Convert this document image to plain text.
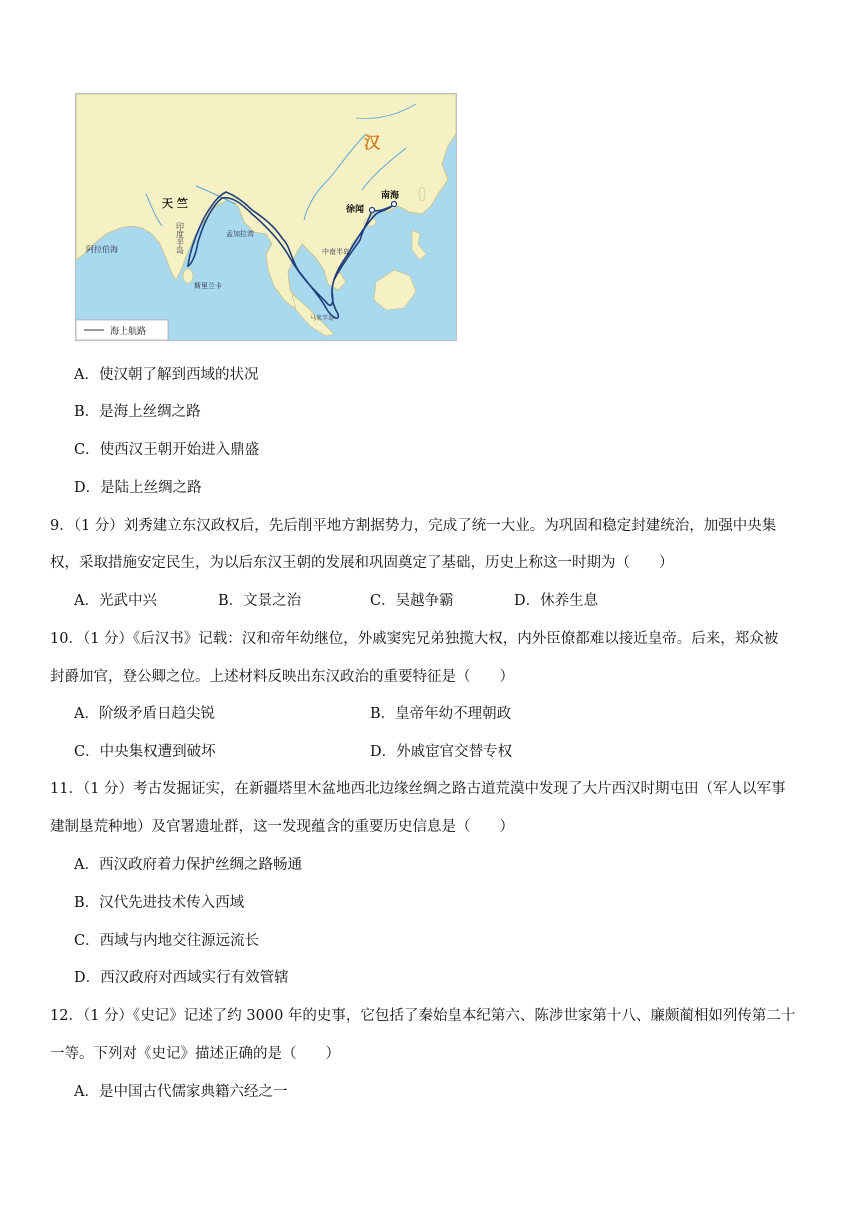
汉
天 竺
阿拉伯海
孟加拉湾
中南半岛
马来半岛
斯里兰卡
徐闻
南海
印度半岛
海上航路
A．使汉朝了解到西域的状况
B．是海上丝绸之路
C．使西汉王朝开始进入鼎盛
D．是陆上丝绸之路
9．（1 分）刘秀建立东汉政权后，先后削平地方割据势力，完成了统一大业。为巩固和稳定封建统治，加强中央集
权，采取措施安定民生，为以后东汉王朝的发展和巩固奠定了基础，历史上称这一时期为（　　）
A．光武中兴	B．文景之治	C．吴越争霸	D．休养生息
10．（1 分）《后汉书》记载：汉和帝年幼继位，外戚窦宪兄弟独揽大权，内外臣僚都难以接近皇帝。后来，郑众被
封爵加官，登公卿之位。上述材料反映出东汉政治的重要特征是（　　）
A．阶级矛盾日趋尖锐	B．皇帝年幼不理朝政
C．中央集权遭到破坏	D．外戚宦官交替专权
11．（1 分）考古发掘证实，在新疆塔里木盆地西北边缘丝绸之路古道荒漠中发现了大片西汉时期屯田（军人以军事
建制垦荒种地）及官署遗址群，这一发现蕴含的重要历史信息是（　　）
A．西汉政府着力保护丝绸之路畅通
B．汉代先进技术传入西域
C．西域与内地交往源远流长
D．西汉政府对西域实行有效管辖
12．（1 分）《史记》记述了约 3000 年的史事，它包括了秦始皇本纪第六、陈涉世家第十八、廉颇蔺相如列传第二十
一等。下列对《史记》描述正确的是（　　）
A．是中国古代儒家典籍六经之一
